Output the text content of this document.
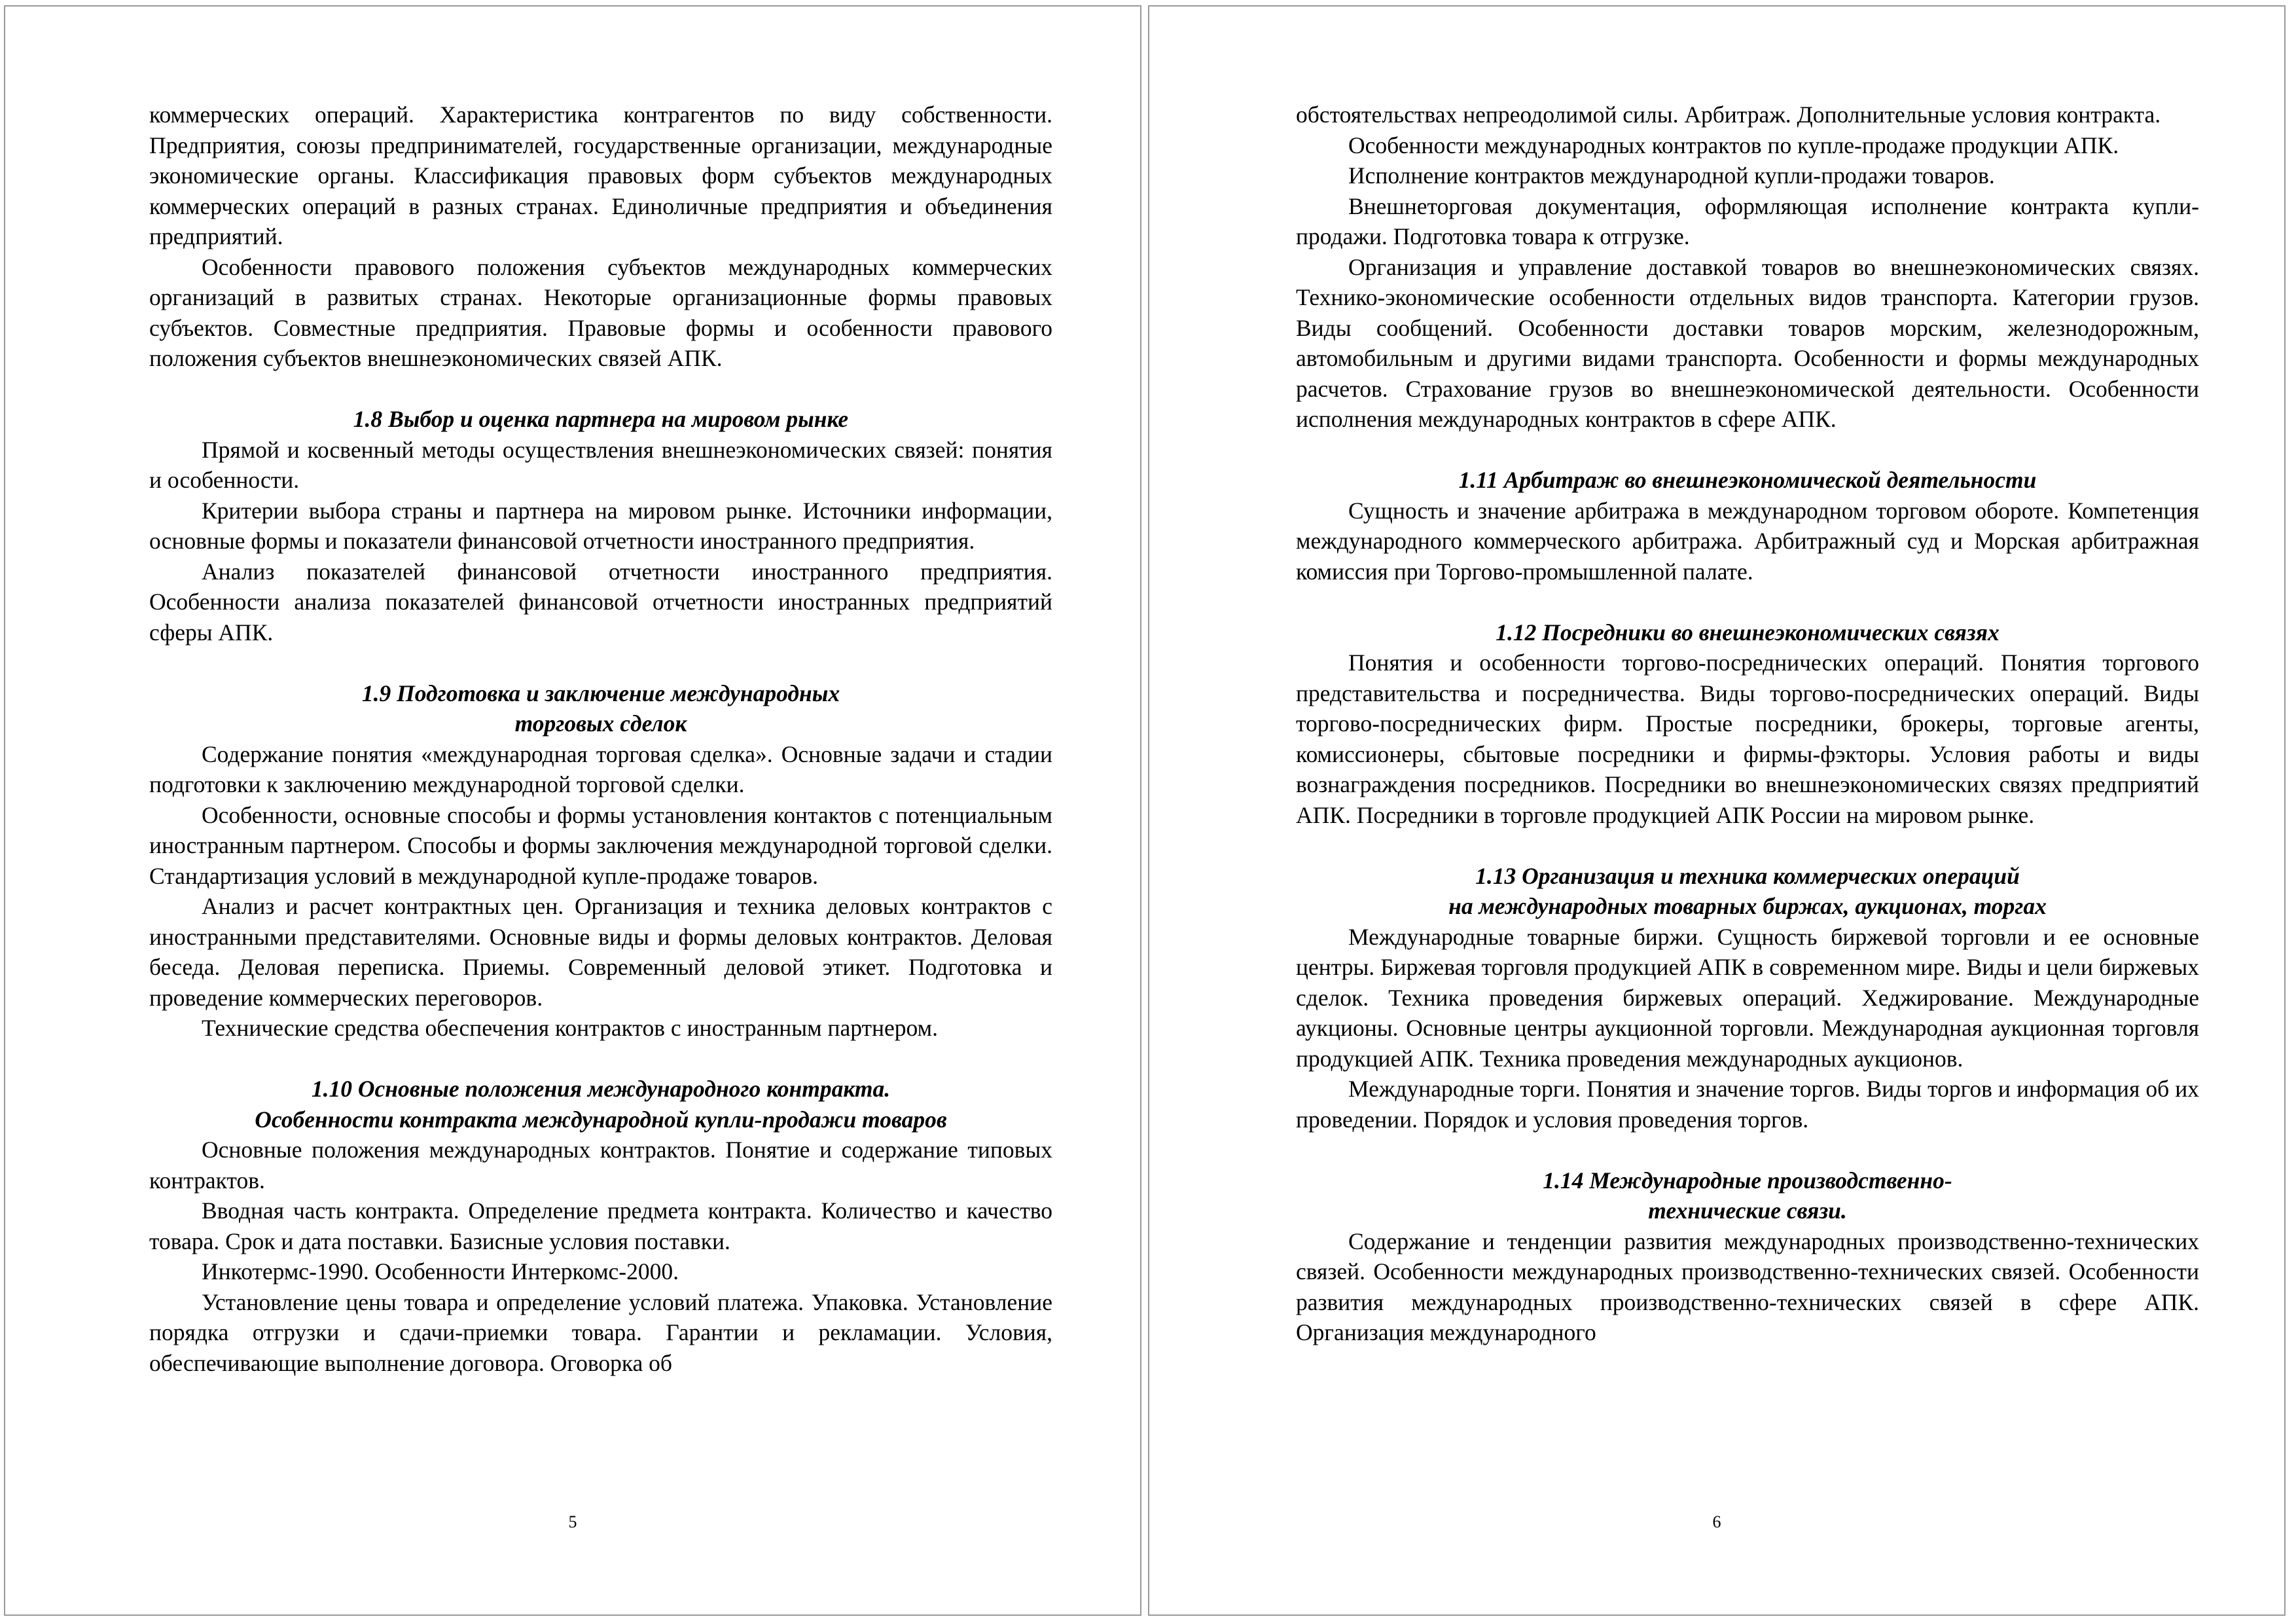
коммерческих операций. Характеристика контрагентов по виду собственности. Предприятия, союзы предпринимателей, государственные организации, международные экономические органы. Классификация правовых форм субъектов международных коммерческих операций в разных странах. Единоличные предприятия и объединения предприятий.

Особенности правового положения субъектов международных коммерческих организаций в развитых странах. Некоторые организационные формы правовых субъектов. Совместные предприятия. Правовые формы и особенности правового положения субъектов внешнеэкономических связей АПК.

1.8 Выбор и оценка партнера на мировом рынке

Прямой и косвенный методы осуществления внешнеэкономических связей: понятия и особенности.

Критерии выбора страны и партнера на мировом рынке. Источники информации, основные формы и показатели финансовой отчетности иностранного предприятия.

Анализ показателей финансовой отчетности иностранного предприятия. Особенности анализа показателей финансовой отчетности иностранных предприятий сферы АПК.

1.9 Подготовка и заключение международных
торговых сделок

Содержание понятия «международная торговая сделка». Основные задачи и стадии подготовки к заключению международной торговой сделки.

Особенности, основные способы и формы установления контактов с потенциальным иностранным партнером. Способы и формы заключения международной торговой сделки. Стандартизация условий в международной купле-продаже товаров.

Анализ и расчет контрактных цен. Организация и техника деловых контрактов с иностранными представителями. Основные виды и формы деловых контрактов. Деловая беседа. Деловая переписка. Приемы. Современный деловой этикет. Подготовка и проведение коммерческих переговоров.

Технические средства обеспечения контрактов с иностранным партнером.

1.10 Основные положения международного контракта.
Особенности контракта международной купли-продажи товаров

Основные положения международных контрактов. Понятие и содержание типовых контрактов.

Вводная часть контракта. Определение предмета контракта. Количество и качество товара. Срок и дата поставки. Базисные условия поставки.

Инкотермс-1990. Особенности Интеркомс-2000.

Установление цены товара и определение условий платежа. Упаковка. Установление порядка отгрузки и сдачи-приемки товара. Гарантии и рекламации. Условия, обеспечивающие выполнение договора. Оговорка об

5

обстоятельствах непреодолимой силы. Арбитраж. Дополнительные условия контракта.

Особенности международных контрактов по купле-продаже продукции АПК.

Исполнение контрактов международной купли-продажи товаров.

Внешнеторговая документация, оформляющая исполнение контракта купли-продажи. Подготовка товара к отгрузке.

Организация и управление доставкой товаров во внешнеэкономических связях. Технико-экономические особенности отдельных видов транспорта. Категории грузов. Виды сообщений. Особенности доставки товаров морским, железнодорожным, автомобильным и другими видами транспорта. Особенности и формы международных расчетов. Страхование грузов во внешнеэкономической деятельности. Особенности исполнения международных контрактов в сфере АПК.

1.11 Арбитраж во внешнеэкономической деятельности

Сущность и значение арбитража в международном торговом обороте. Компетенция международного коммерческого арбитража. Арбитражный суд и Морская арбитражная комиссия при Торгово-промышленной палате.

1.12 Посредники во внешнеэкономических связях

Понятия и особенности торгово-посреднических операций. Понятия торгового представительства и посредничества. Виды торгово-посреднических операций. Виды торгово-посреднических фирм. Простые посредники, брокеры, торговые агенты, комиссионеры, сбытовые посредники и фирмы-фэкторы. Условия работы и виды вознаграждения посредников. Посредники во внешнеэкономических связях предприятий АПК. Посредники в торговле продукцией АПК России на мировом рынке.

1.13 Организация и техника коммерческих операций
на международных товарных биржах, аукционах, торгах

Международные товарные биржи. Сущность биржевой торговли и ее основные центры. Биржевая торговля продукцией АПК в современном мире. Виды и цели биржевых сделок. Техника проведения биржевых операций. Хеджирование. Международные аукционы. Основные центры аукционной торговли. Международная аукционная торговля продукцией АПК. Техника проведения международных аукционов.

Международные торги. Понятия и значение торгов. Виды торгов и информация об их проведении. Порядок и условия проведения торгов.

1.14 Международные производственно-
технические связи.

Содержание и тенденции развития международных производственно-технических связей. Особенности международных производственно-технических связей. Особенности развития международных производственно-технических связей в сфере АПК. Организация международного

6
